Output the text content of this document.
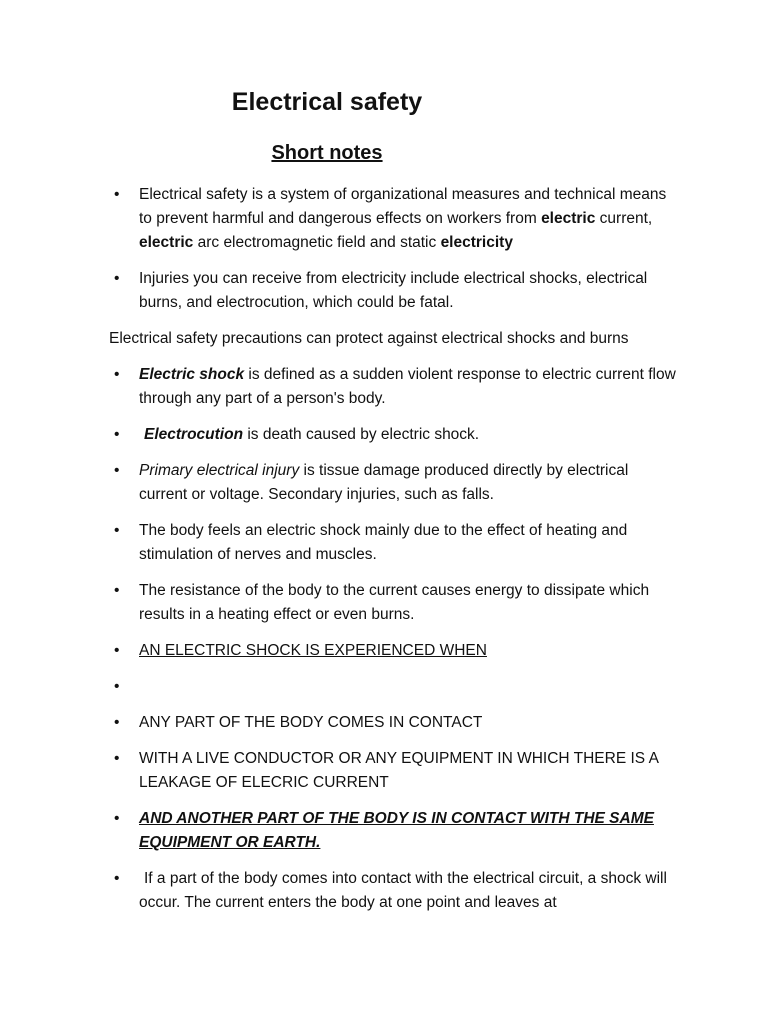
Electrical safety
Short notes
• Electrical safety is a system of organizational measures and technical means to prevent harmful and dangerous effects on workers from electric current, electric arc electromagnetic field and static electricity
• Injuries you can receive from electricity include electrical shocks, electrical burns, and electrocution, which could be fatal.

Electrical safety precautions can protect against electrical shocks and burns

• Electric shock is defined as a sudden violent response to electric current flow through any part of a person's body.
•	Electrocution is death caused by electric shock.
• Primary electrical injury is tissue damage produced directly by electrical current or voltage. Secondary injuries, such as falls.
• The body feels an electric shock mainly due to the effect of heating and stimulation of nerves and muscles.
• The resistance of the body to the current causes energy to dissipate which results in a heating effect or even burns.
• AN ELECTRIC SHOCK IS EXPERIENCED WHEN
•

• ANY PART OF THE BODY COMES IN CONTACT
• WITH A LIVE CONDUCTOR OR ANY EQUIPMENT IN WHICH THERE IS A LEAKAGE OF ELECRIC CURRENT
• AND ANOTHER PART OF THE BODY IS IN CONTACT WITH THE SAME EQUIPMENT OR EARTH.
•	If a part of the body comes into contact with the electrical circuit, a shock will occur. The current enters the body at one point and leaves at
